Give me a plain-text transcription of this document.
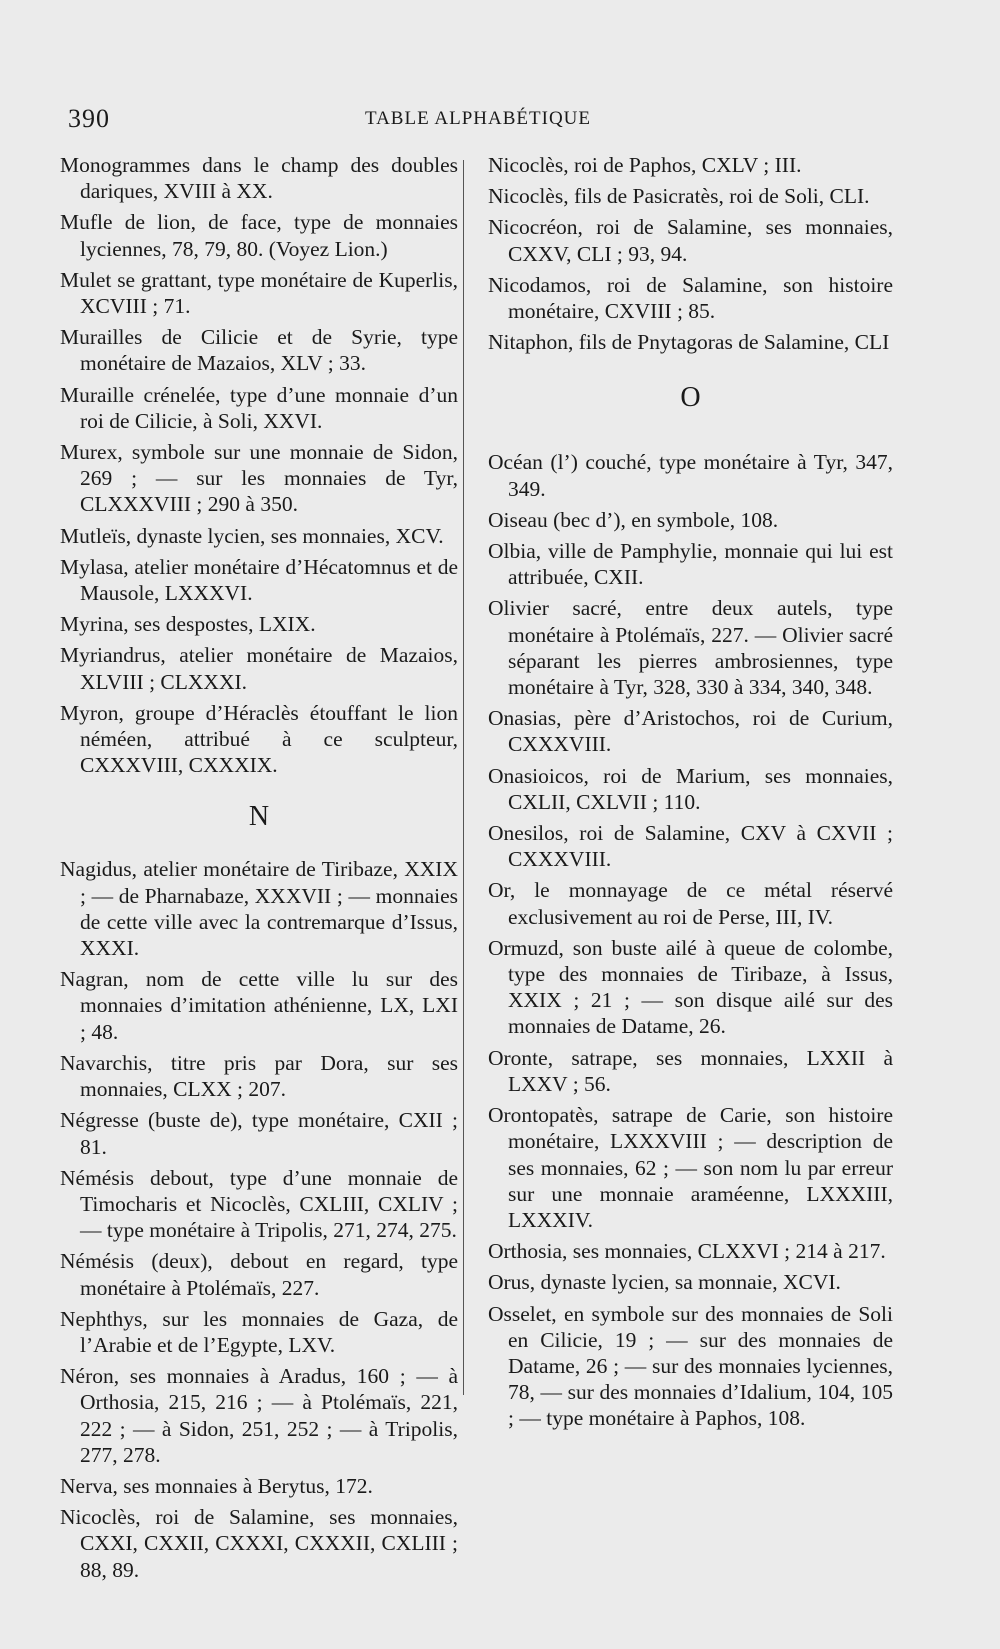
390	TABLE ALPHABÉTIQUE

Monogrammes dans le champ des doubles dariques, XVIII à XX.

Mufle de lion, de face, type de monnaies lyciennes, 78, 79, 80. (Voyez Lion.)

Mulet se grattant, type monétaire de Kuperlis, XCVIII ; 71.

Murailles de Cilicie et de Syrie, type monétaire de Mazaios, XLV ; 33.

Muraille crénelée, type d’une monnaie d’un roi de Cilicie, à Soli, XXVI.

Murex, symbole sur une monnaie de Sidon, 269 ; — sur les monnaies de Tyr, CLXXXVIII ; 290 à 350.

Mutleïs, dynaste lycien, ses monnaies, XCV.

Mylasa, atelier monétaire d’Hécatomnus et de Mausole, LXXXVI.

Myrina, ses despostes, LXIX.

Myriandrus, atelier monétaire de Mazaios, XLVIII ; CLXXXI.

Myron, groupe d’Héraclès étouffant le lion néméen, attribué à ce sculpteur, CXXXVIII, CXXXIX.

N

Nagidus, atelier monétaire de Tiribaze, XXIX ; — de Pharnabaze, XXXVII ; — monnaies de cette ville avec la contremarque d’Issus, XXXI.

Nagran, nom de cette ville lu sur des monnaies d’imitation athénienne, LX, LXI ; 48.

Navarchis, titre pris par Dora, sur ses monnaies, CLXX ; 207.

Négresse (buste de), type monétaire, CXII ; 81.

Némésis debout, type d’une monnaie de Timocharis et Nicoclès, CXLIII, CXLIV ; — type monétaire à Tripolis, 271, 274, 275.

Némésis (deux), debout en regard, type monétaire à Ptolémaïs, 227.

Nephthys, sur les monnaies de Gaza, de l’Arabie et de l’Egypte, LXV.

Néron, ses monnaies à Aradus, 160 ; — à Orthosia, 215, 216 ; — à Ptolémaïs, 221, 222 ; — à Sidon, 251, 252 ; — à Tripolis, 277, 278.

Nerva, ses monnaies à Berytus, 172.

Nicoclès, roi de Salamine, ses monnaies, CXXI, CXXII, CXXXI, CXXXII, CXLIII ; 88, 89.

Nicoclès, roi de Paphos, CXLV ; III.

Nicoclès, fils de Pasicratès, roi de Soli, CLI.

Nicocréon, roi de Salamine, ses monnaies, CXXV, CLI ; 93, 94.

Nicodamos, roi de Salamine, son histoire monétaire, CXVIII ; 85.

Nitaphon, fils de Pnytagoras de Salamine, CLI

O

Océan (l’) couché, type monétaire à Tyr, 347, 349.

Oiseau (bec d’), en symbole, 108.

Olbia, ville de Pamphylie, monnaie qui lui est attribuée, CXII.

Olivier sacré, entre deux autels, type monétaire à Ptolémaïs, 227. — Olivier sacré séparant les pierres ambrosiennes, type monétaire à Tyr, 328, 330 à 334, 340, 348.

Onasias, père d’Aristochos, roi de Curium, CXXXVIII.

Onasioicos, roi de Marium, ses monnaies, CXLII, CXLVII ; 110.

Onesilos, roi de Salamine, CXV à CXVII ; CXXXVIII.

Or, le monnayage de ce métal réservé exclusivement au roi de Perse, III, IV.

Ormuzd, son buste ailé à queue de colombe, type des monnaies de Tiribaze, à Issus, XXIX ; 21 ; — son disque ailé sur des monnaies de Datame, 26.

Oronte, satrape, ses monnaies, LXXII à LXXV ; 56.

Orontopatès, satrape de Carie, son histoire monétaire, LXXXVIII ; — description de ses monnaies, 62 ; — son nom lu par erreur sur une monnaie araméenne, LXXXIII, LXXXIV.

Orthosia, ses monnaies, CLXXVI ; 214 à 217.

Orus, dynaste lycien, sa monnaie, XCVI.

Osselet, en symbole sur des monnaies de Soli en Cilicie, 19 ; — sur des monnaies de Datame, 26 ; — sur des monnaies lyciennes, 78, — sur des monnaies d’Idalium, 104, 105 ; — type monétaire à Paphos, 108.
